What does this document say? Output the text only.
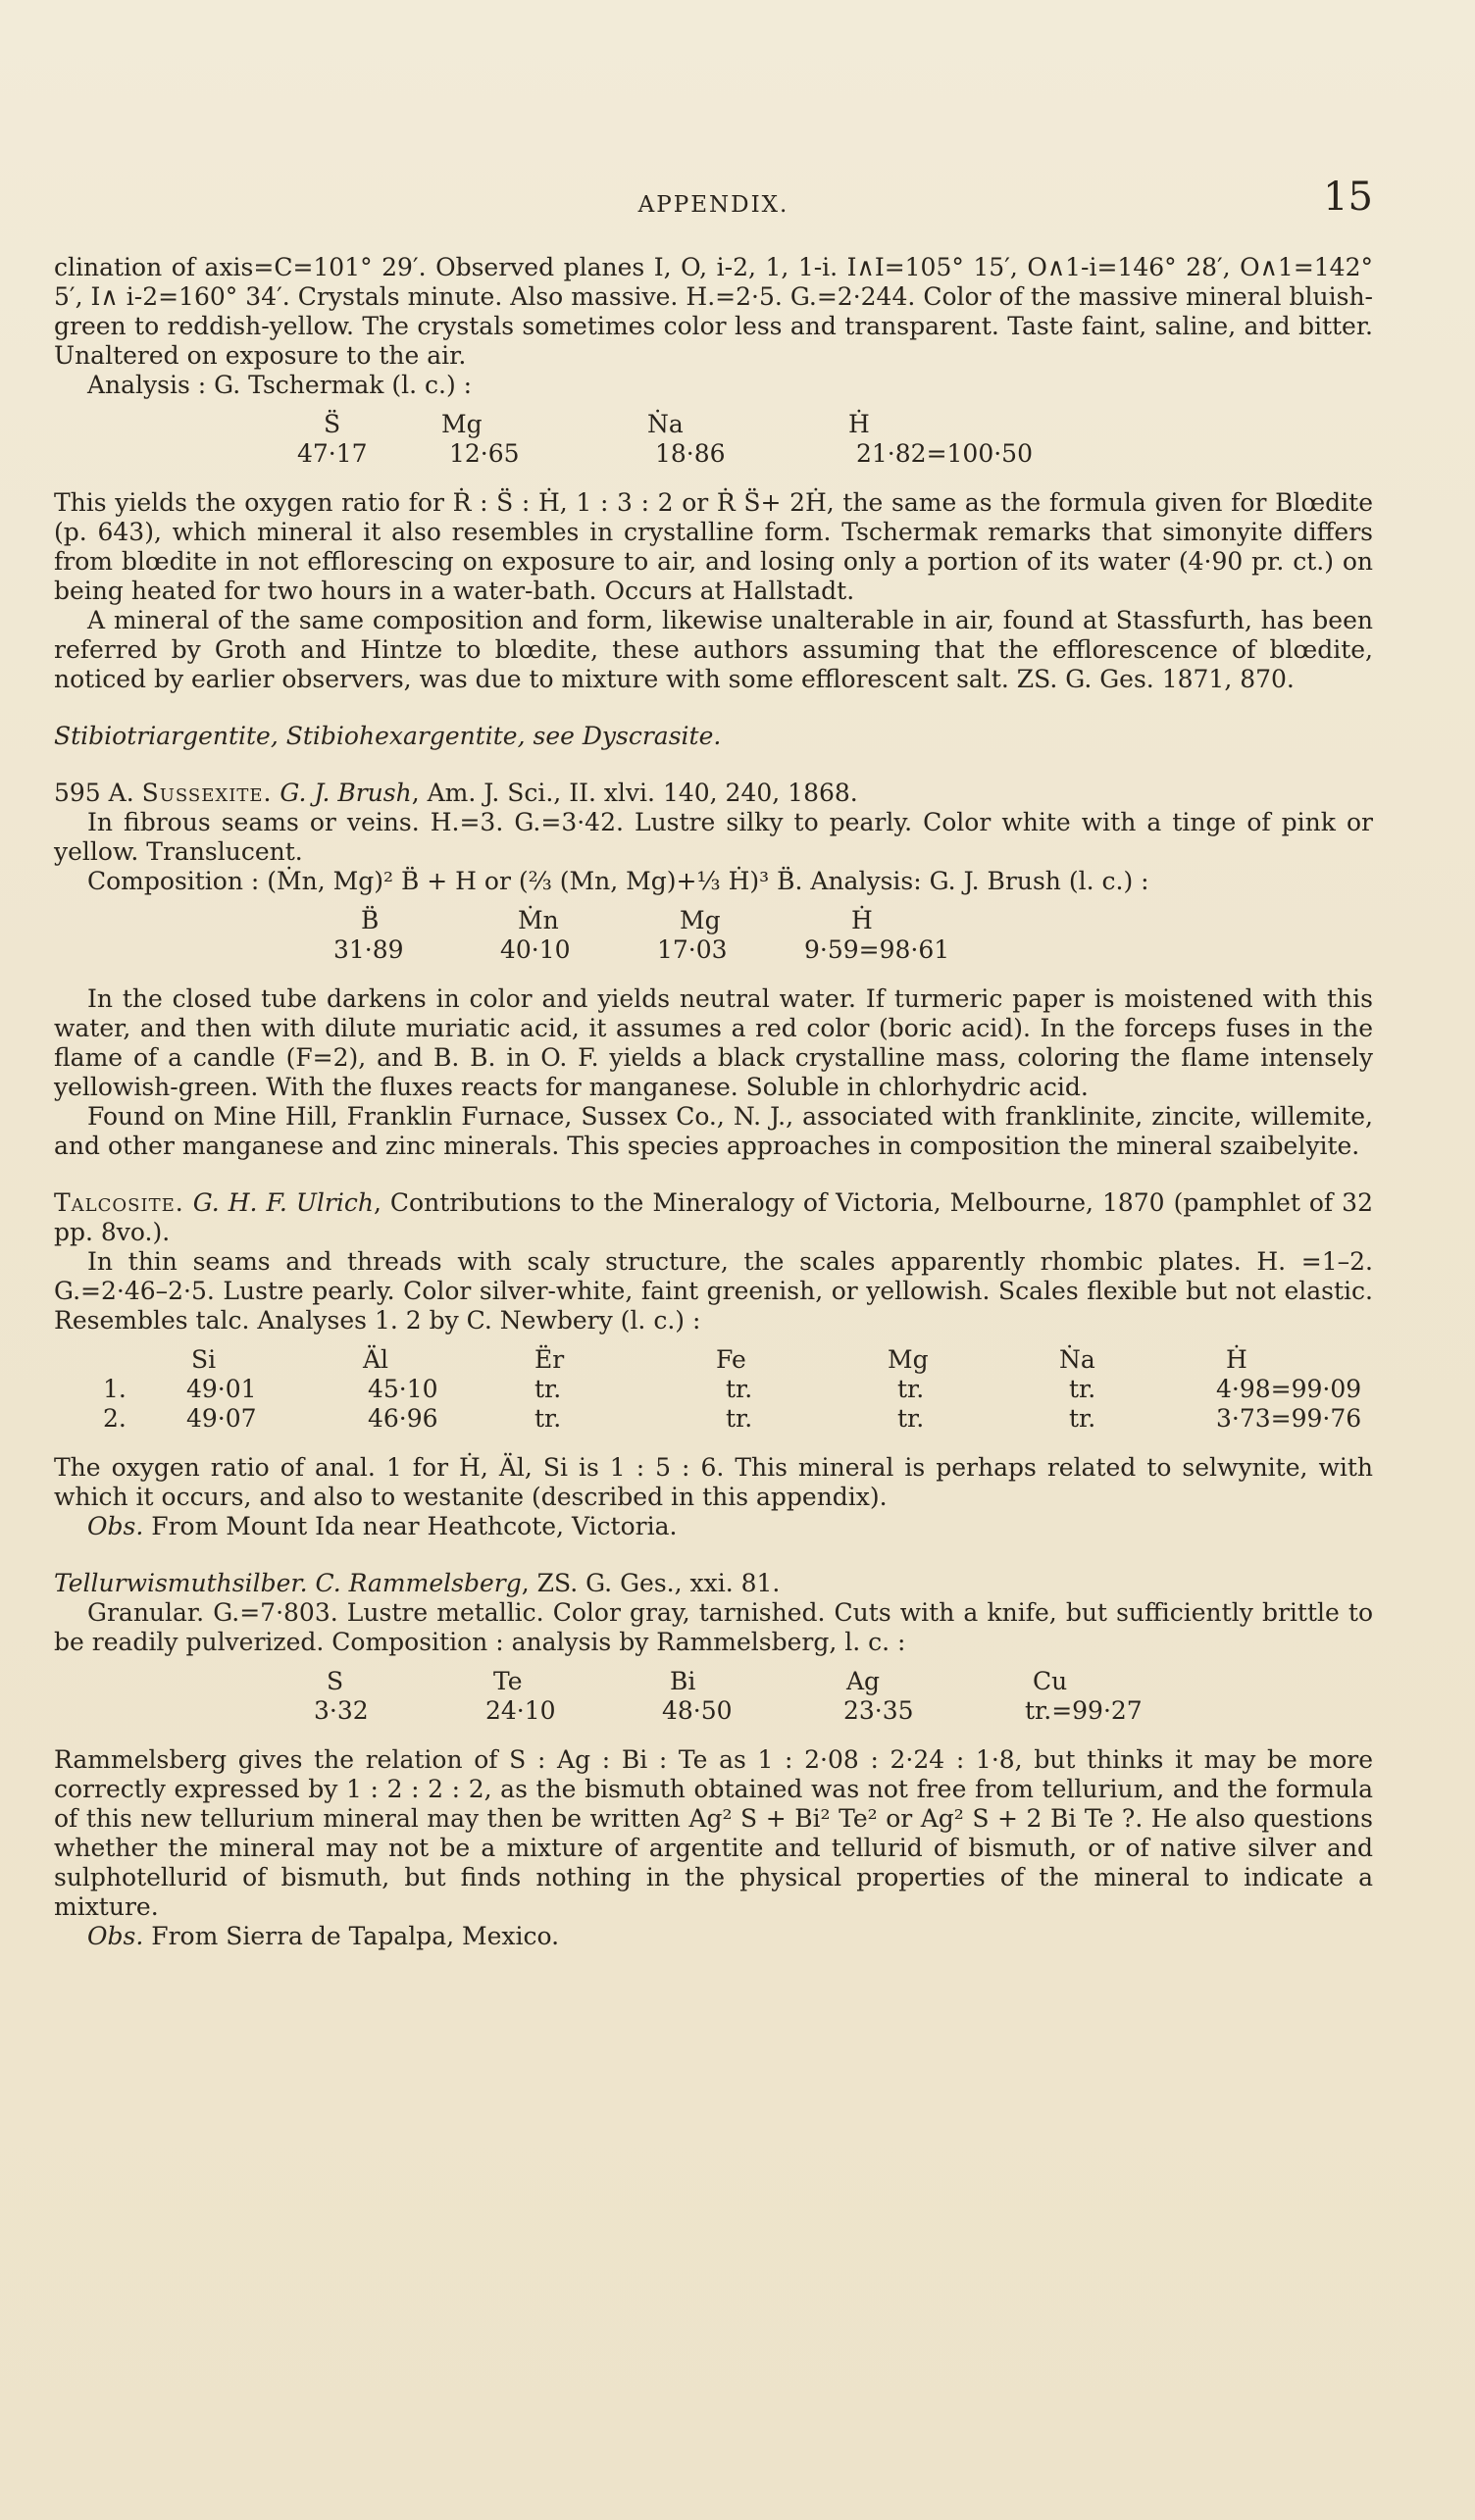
APPENDIX.	15

clination of axis=C=101° 29′. Observed planes I, O, i-2, 1, 1-i. I∧I=105° 15′, O∧1-i=146° 28′, O∧1=142° 5′, I∧ i-2=160° 34′. Crystals minute. Also massive. H.=2·5. G.=2·244. Color of the massive mineral bluish-green to reddish-yellow. The crystals sometimes color less and transparent. Taste faint, saline, and bitter. Unaltered on exposure to the air.

Analysis : G. Tschermak (l. c.) :

S̈	Mg	Ṅa	Ḣ
47·17	12·65	18·86	21·82=100·50

This yields the oxygen ratio for Ṙ : S̈ : Ḣ, 1 : 3 : 2 or Ṙ S̈+ 2Ḣ, the same as the formula given for Blœdite (p. 643), which mineral it also resembles in crystalline form. Tschermak remarks that simonyite differs from blœdite in not efflorescing on exposure to air, and losing only a portion of its water (4·90 pr. ct.) on being heated for two hours in a water-bath. Occurs at Hallstadt.

A mineral of the same composition and form, likewise unalterable in air, found at Stassfurth, has been referred by Groth and Hintze to blœdite, these authors assuming that the efflorescence of blœdite, noticed by earlier observers, was due to mixture with some efflorescent salt. ZS. G. Ges. 1871, 870.

Stibiotriargentite, Stibiohexargentite, see Dyscrasite.

595 A. Sussexite. G. J. Brush, Am. J. Sci., II. xlvi. 140, 240, 1868.

In fibrous seams or veins. H.=3. G.=3·42. Lustre silky to pearly. Color white with a tinge of pink or yellow. Translucent.

Composition : (Ṁn, Mg)² B̈ + H or (⅔ (Mn, Mg)+⅓ Ḣ)³ B̈. Analysis: G. J. Brush (l. c.) :

B̈	Ṁn	Mg	Ḣ
31·89	40·10	17·03	9·59=98·61

In the closed tube darkens in color and yields neutral water. If turmeric paper is moistened with this water, and then with dilute muriatic acid, it assumes a red color (boric acid). In the forceps fuses in the flame of a candle (F=2), and B. B. in O. F. yields a black crystalline mass, coloring the flame intensely yellowish-green. With the fluxes reacts for manganese. Soluble in chlorhydric acid.

Found on Mine Hill, Franklin Furnace, Sussex Co., N. J., associated with franklinite, zincite, willemite, and other manganese and zinc minerals. This species approaches in composition the mineral szaibelyite.

Talcosite. G. H. F. Ulrich, Contributions to the Mineralogy of Victoria, Melbourne, 1870 (pamphlet of 32 pp. 8vo.).

In thin seams and threads with scaly structure, the scales apparently rhombic plates. H. =1–2. G.=2·46–2·5. Lustre pearly. Color silver-white, faint greenish, or yellowish. Scales flexible but not elastic. Resembles talc. Analyses 1. 2 by C. Newbery (l. c.) :

Si	Äl	Ër	Fe	Mg	Ṅa	Ḣ
1.	49·01	45·10	tr.	tr.	tr.	tr.	4·98=99·09
2.	49·07	46·96	tr.	tr.	tr.	tr.	3·73=99·76

The oxygen ratio of anal. 1 for Ḣ, Äl, Si is 1 : 5 : 6. This mineral is perhaps related to selwynite, with which it occurs, and also to westanite (described in this appendix).

Obs. From Mount Ida near Heathcote, Victoria.

Tellurwismuthsilber. C. Rammelsberg, ZS. G. Ges., xxi. 81.

Granular. G.=7·803. Lustre metallic. Color gray, tarnished. Cuts with a knife, but sufficiently brittle to be readily pulverized. Composition : analysis by Rammelsberg, l. c. :

S	Te	Bi	Ag	Cu
3·32	24·10	48·50	23·35	tr.=99·27

Rammelsberg gives the relation of S : Ag : Bi : Te as 1 : 2·08 : 2·24 : 1·8, but thinks it may be more correctly expressed by 1 : 2 : 2 : 2, as the bismuth obtained was not free from tellurium, and the formula of this new tellurium mineral may then be written Ag² S + Bi² Te² or Ag² S + 2 Bi Te ?. He also questions whether the mineral may not be a mixture of argentite and tellurid of bismuth, or of native silver and sulphotellurid of bismuth, but finds nothing in the physical properties of the mineral to indicate a mixture.

Obs. From Sierra de Tapalpa, Mexico.
